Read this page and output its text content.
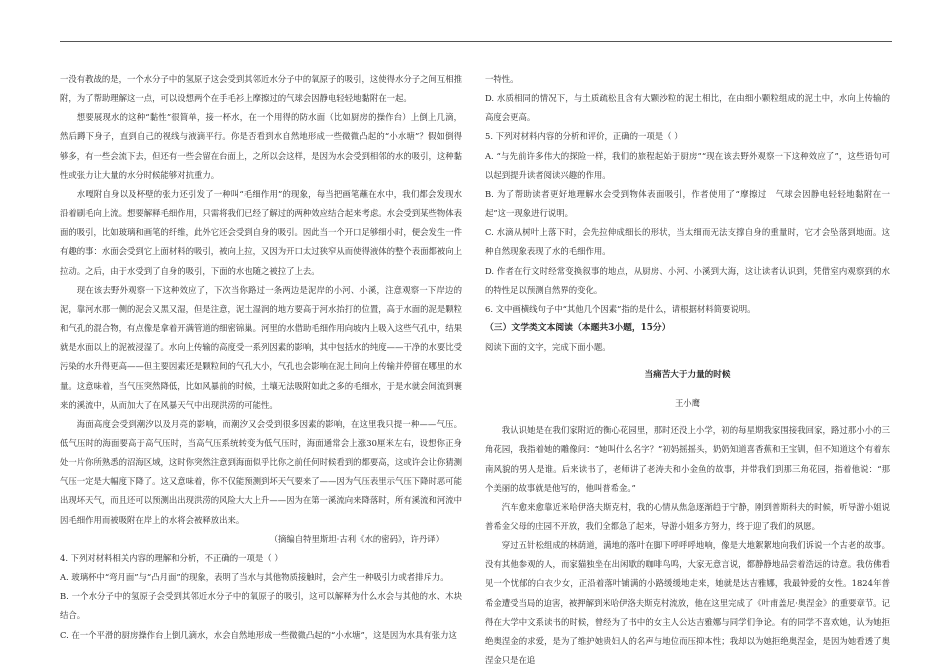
一没有教战的是，一个水分子中的氢原子这会受到其邻近水分子中的氧原子的吸引，这使得水分子之间互相推附，为了帮助理解这一点，可以设想两个在手毛衫上摩擦过的气球会因静电轻轻地黏附在一起。

想要展现水的这种“黏性”很简单，接一杯水，在一个用得的防水面（比如厨房的操作台）上倒上几滴，然后蹲下身子，直到自己的视线与液滴平行。你是否看到水自然地形成一些微微凸起的“小水塘”？假如倒得够多，有一些会流下去，但还有一些会留在台面上，之所以会这样，是因为水会受到相邻的水的吸引，这种黏性或张力让大量的水分时候能够对抗重力。

水嘎附自身以及杯壁的张力还引发了一种叫“毛细作用”的现象，每当把画笔蘸在水中，我们都会发现水沿着刷毛向上流。想要解释毛细作用，只需将我们已经了解过的两种效应结合起来考虑。水会受到某些物体表面的吸引，比如玻璃和画笔的纤维，此外它还会受到自身的吸引。因此当一个开口足够细小时，便会发生一件有趣的事：水面会受到它上面材料的吸引，被向上拉，又因为开口太过狭窄从而使得液体的整个表面都被向上拉动。之后，由于水受到了自身的吸引，下面的水也随之被拉了上去。

现在该去野外观察一下这种效应了，下次当你路过一条两边是泥岸的小河、小溪，注意观察一下岸边的泥，靠河水那一侧的泥会又黑又湿，但是注意，泥土湿润的地方要高于河水抬打的位置，高于水面的泥是颗粒和气孔的混合物，有点像是拿着开满管道的细密锦巢。河里的水借助毛细作用向坡内上吸入这些气孔中，结果就是水面以上的泥被浸湿了。水向上传输的高度受一系列因素的影响，其中包括水的纯度——干净的水要比受污染的水升得更高——但主要因素还是颗粒间的气孔大小，气孔也会影响在泥土间向上传输并停留在哪里的水量。这意味着，当气压突然降低，比如风暴前的时候，土壤无法吸附如此之多的毛细水，于是水就会间流到裹来的溪流中，从而加大了在风暴天气中出现洪涝的可能性。

海面高度会受到潮汐以及月亮的影响，而潮汐又会受到很多因素的影响，在这里我只提一种——气压。低气压时的海面要高于高气压时，当高气压系统转变为低气压时，海面通常会上涨30厘米左右，设想你正身处一片你所熟悉的沼海区域，这时你突然注意到海面似乎比你之前任何时候看到的都要高，这或许会让你猜测气压一定是大幅度下降了。这又意味着，你不仅能预测到坏天气要来了——因为气压表里示气压下降时恶可能出现坏天气，而且还可以预测出出现洪涝的风险大大上升——因为在第一溪流向来降落时，所有溪流和河流中因毛细作用而被吸附在岸上的水将会被释放出来。

（摘编自特里斯坦·古利《水的密码》，许丹译）

4. 下列对材料相关内容的理解和分析，不正确的一项是（ ）

A. 玻璃杯中“弯月面”与“凸月面”的现象，表明了当水与其他物质接触时，会产生一种吸引力或者排斥力。

B. 一个水分子中的氢原子会受到其邻近水分子中的氧原子的吸引，这可以解释为什么水会与其他的水、木块结合。

C. 在一个平滑的厨房操作台上倒几滴水，水会自然地形成一些微微凸起的“小水塘”，这是因为水具有张力这

一特性。

D. 水质相同的情况下，与土质疏松且含有大颗沙粒的泥土相比，在由细小颗粒组成的泥土中，水向上传输的高度会更高。

5. 下列对材料内容的分析和评价，正确的一项是（ ）

A. “与先前许多伟大的探险一样，我们的旅程起始于厨房”“现在该去野外观察一下这种效应了”，这些语句可以起到提升读者阅读兴趣的作用。

B. 为了帮助读者更好地理解水会受到物体表面吸引，作者使用了“摩擦过　气球会因静电轻轻地黏附在一起”这一现象进行说明。

C. 水滴从树叶上落下时，会先拉伸成细长的形状，当太细而无法支撑自身的重量时，它才会坠落到地面。这种自然现象表现了水的毛细作用。

D. 作者在行文时经常变换叙事的地点，从厨房、小河、小溪到大海，这让读者认识到，凭借室内观察到的水的特性足以预测自然界的变化。

6. 文中画横线句子中“其他几个因素”指的是什么，请根据材料简要说明。

（三）文学类文本阅读（本题共3小题，15分）

阅读下面的文字，完成下面小题。

当痛苦大于力量的时候

王小鹰

我认识她是在我们家附近的衡心花园里，那时还没上小学，初的每星期我家围接我回家，路过那小小的三角花园，我指着她的雕像问：“她叫什么名字？”初妈摇摇头，奶奶知道喜香蕉和王宝钏，但不知道这个有着东南风貌的男人是谁。后来读书了，老师讲了老涛夫和小金鱼的故事，并带我们到那三角花园，指着他说：“那个美丽的故事就是他写的，他叫普希金。”

汽车愈来愈靠近米哈伊洛夫斯克村，我的心情从焦急逐渐趋于宁静，刚到普斯科夫的时候，听导游小姐说普希金父母的庄园不开放，我们全都急了起来，导游小姐多方努力，终于迎了我们的夙愿。

穿过五针松组成的林荫道，满地的落叶在脚下呼呼呼地响，像是大地絮絮地向我们诉说一个古老的故事。没有其他参观的人，而家猫独坐在出闲歇的咖啡鸟鸣，大家无意言说，都静静地品尝着浩远的诗意。我仿佛看见一个忧郁的白衣少女，正沿着落叶铺满的小路缓缓地走来，她就是达吉雅娜，我最钟爱的女性。1824年普希金遭受当局的迫害，被押解到米哈伊洛夫斯克村流放，他在这里完成了《叶甫盖尼·奥涅金》的重要章节。记得在大学中文系读书的时候，曾经为了书中的女主人公达吉雅娜与同学们争论。有的同学不喜欢她，认为她拒绝奥涅金的求爱，是为了维护她贵妇人的名声与地位而压抑本性；我却以为她拒绝奥涅金，是因为她看透了奥涅金只是在追
